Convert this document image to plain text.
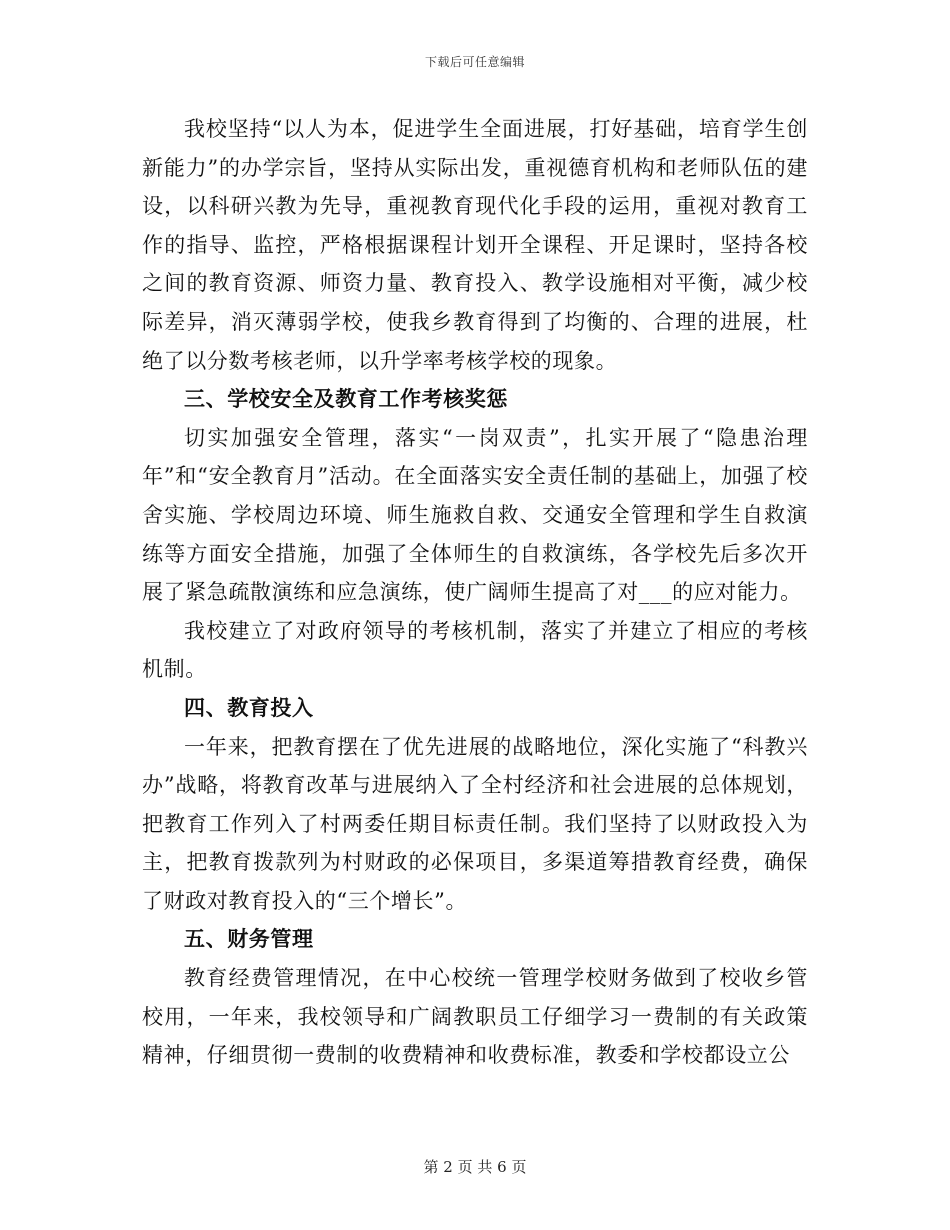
下载后可任意编辑

我校坚持“以人为本，促进学生全面进展，打好基础，培育学生创新能力”的办学宗旨，坚持从实际出发，重视德育机构和老师队伍的建设，以科研兴教为先导，重视教育现代化手段的运用，重视对教育工作的指导、监控，严格根据课程计划开全课程、开足课时，坚持各校之间的教育资源、师资力量、教育投入、教学设施相对平衡，减少校际差异，消灭薄弱学校，使我乡教育得到了均衡的、合理的进展，杜绝了以分数考核老师，以升学率考核学校的现象。

三、学校安全及教育工作考核奖惩

切实加强安全管理，落实“一岗双责”，扎实开展了“隐患治理年”和“安全教育月”活动。在全面落实安全责任制的基础上，加强了校舍实施、学校周边环境、师生施救自救、交通安全管理和学生自救演练等方面安全措施，加强了全体师生的自救演练，各学校先后多次开展了紧急疏散演练和应急演练，使广阔师生提高了对___的应对能力。

我校建立了对政府领导的考核机制，落实了并建立了相应的考核机制。

四、教育投入

一年来，把教育摆在了优先进展的战略地位，深化实施了“科教兴办”战略，将教育改革与进展纳入了全村经济和社会进展的总体规划，把教育工作列入了村两委任期目标责任制。我们坚持了以财政投入为主，把教育拨款列为村财政的必保项目，多渠道筹措教育经费，确保了财政对教育投入的“三个增长”。

五、财务管理

教育经费管理情况，在中心校统一管理学校财务做到了校收乡管校用，一年来，我校领导和广阔教职员工仔细学习一费制的有关政策精神，仔细贯彻一费制的收费精神和收费标准，教委和学校都设立公

第 2 页 共 6 页
